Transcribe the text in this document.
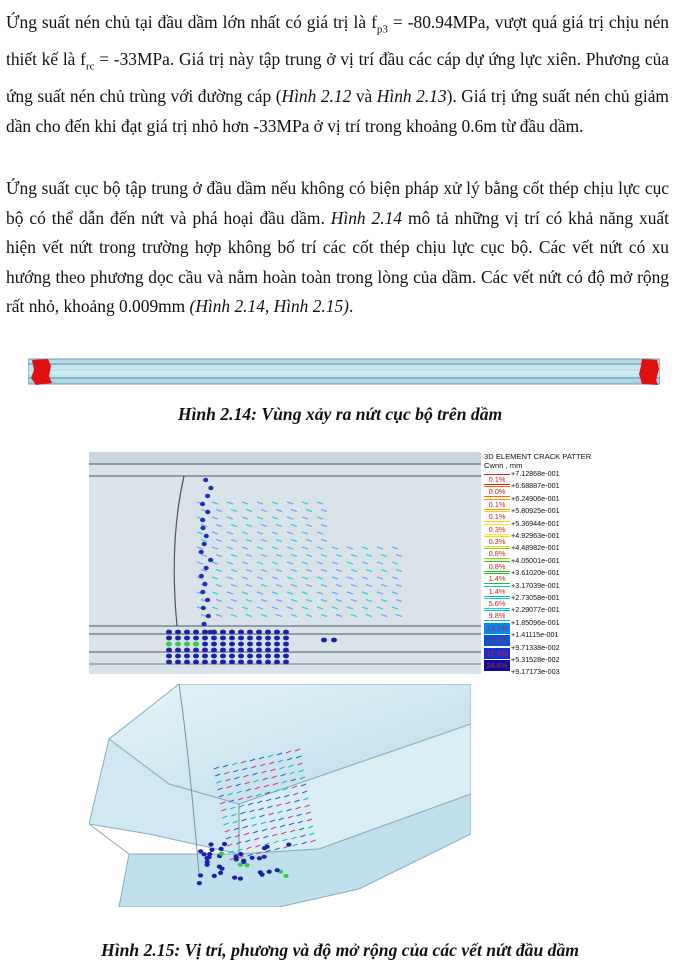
Ứng suất nén chủ tại đầu dầm lớn nhất có giá trị là $f_{p3} = -80.94MPa$, vượt quá giá trị chịu nén thiết kế là $f_{rc} = -33MPa$. Giá trị này tập trung ở vị trí đầu các cáp dự ứng lực xiên. Phương của ứng suất nén chủ trùng với đường cáp (Hình 2.12 và Hình 2.13). Giá trị ứng suất nén chủ giảm dần cho đến khi đạt giá trị nhỏ hơn -33MPa ở vị trí trong khoảng 0.6m từ đầu dầm.

Ứng suất cục bộ tập trung ở đầu dầm nếu không có biện pháp xử lý bằng cốt thép chịu lực cục bộ có thể dẫn đến nứt và phá hoại đầu dầm. Hình 2.14 mô tả những vị trí có khả năng xuất hiện vết nứt trong trường hợp không bố trí các cốt thép chịu lực cục bộ. Các vết nứt có xu hướng theo phương dọc cầu và nằm hoàn toàn trong lòng của dầm. Các vết nứt có độ mở rộng rất nhỏ, khoảng 0.009mm (Hình 2.14, Hình 2.15).

Hình 2.14: Vùng xảy ra nứt cục bộ trên dầm
3D ELEMENT CRACK PATTER
Cwnn , mm
0.1%
0.0%
0.1%
0.1%
0.3%
0.3%
0.8%
0.8%
1.4%
1.4%
5.6%
9.8%
14.7%
12.5%
17.3%
34.6%
+7.12868e-001
+6.68887e-001
+6.24906e-001
+5.80925e-001
+5.36944e-001
+4.92963e-001
+4.48982e-001
+4.05001e-001
+3.61020e-001
+3.17039e-001
+2.73058e-001
+2.29077e-001
+1.85096e-001
+1.41115e-001
+9.71338e-002
+5.31528e-002
+9.17173e-003
Hình 2.15: Vị trí, phương và độ mở rộng của các vết nứt đầu dầm
